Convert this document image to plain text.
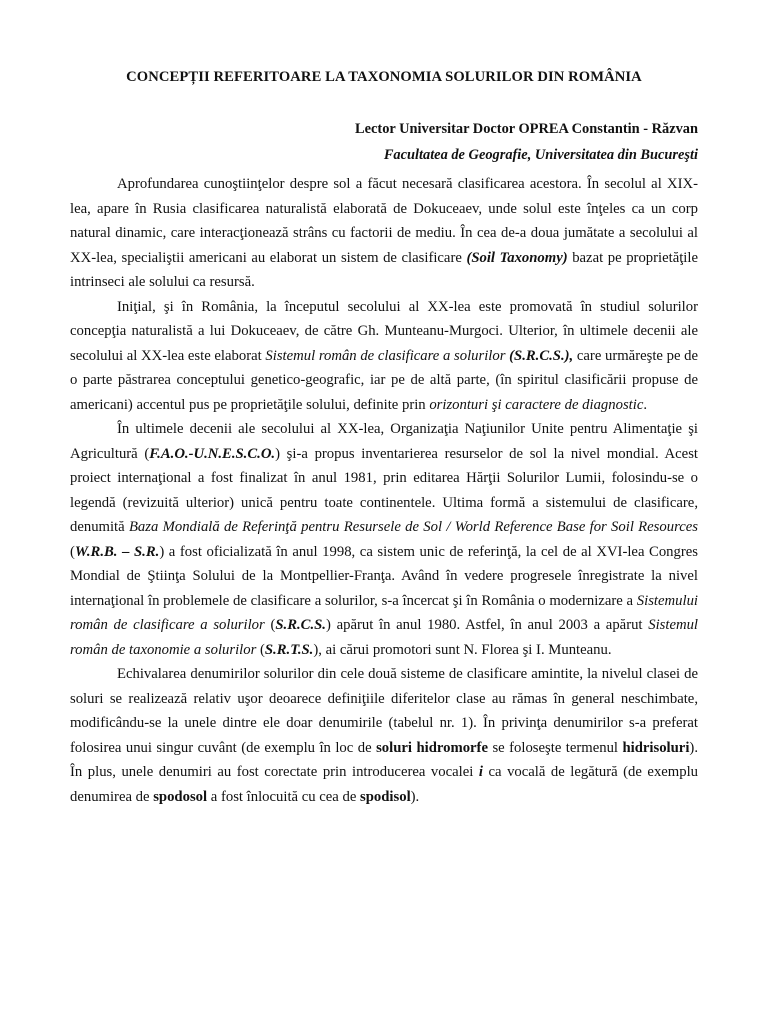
CONCEPȚII REFERITOARE LA TAXONOMIA SOLURILOR DIN ROMÂNIA
Lector Universitar Doctor OPREA Constantin - Răzvan
Facultatea de Geografie, Universitatea din Bucureşti

Aprofundarea cunoştiinţelor despre sol a făcut necesară clasificarea acestora. În secolul al XIX-lea, apare în Rusia clasificarea naturalistă elaborată de Dokuceaev, unde solul este înţeles ca un corp natural dinamic, care interacţionează strâns cu factorii de mediu. În cea de-a doua jumătate a secolului al XX-lea, specialiştii americani au elaborat un sistem de clasificare (Soil Taxonomy) bazat pe proprietăţile intrinseci ale solului ca resursă.

Iniţial, şi în România, la începutul secolului al XX-lea este promovată în studiul solurilor concepţia naturalistă a lui Dokuceaev, de către Gh. Munteanu-Murgoci. Ulterior, în ultimele decenii ale secolului al XX-lea este elaborat Sistemul român de clasificare a solurilor (S.R.C.S.), care urmăreşte pe de o parte păstrarea conceptului genetico-geografic, iar pe de altă parte, (în spiritul clasificării propuse de americani) accentul pus pe proprietăţile solului, definite prin orizonturi şi caractere de diagnostic.

În ultimele decenii ale secolului al XX-lea, Organizaţia Naţiunilor Unite pentru Alimentaţie şi Agricultură (F.A.O.-U.N.E.S.C.O.) şi-a propus inventarierea resurselor de sol la nivel mondial. Acest proiect internaţional a fost finalizat în anul 1981, prin editarea Hărţii Solurilor Lumii, folosindu-se o legendă (revizuită ulterior) unică pentru toate continentele. Ultima formă a sistemului de clasificare, denumită Baza Mondială de Referinţă pentru Resursele de Sol / World Reference Base for Soil Resources (W.R.B. – S.R.) a fost oficializată în anul 1998, ca sistem unic de referinţă, la cel de al XVI-lea Congres Mondial de Ştiinţa Solului de la Montpellier-Franţa. Având în vedere progresele înregistrate la nivel internaţional în problemele de clasificare a solurilor, s-a încercat şi în România o modernizare a Sistemului român de clasificare a solurilor (S.R.C.S.) apărut în anul 1980. Astfel, în anul 2003 a apărut Sistemul român de taxonomie a solurilor (S.R.T.S.), ai cărui promotori sunt N. Florea şi I. Munteanu.

Echivalarea denumirilor solurilor din cele două sisteme de clasificare amintite, la nivelul clasei de soluri se realizează relativ uşor deoarece definiţiile diferitelor clase au rămas în general neschimbate, modificându-se la unele dintre ele doar denumirile (tabelul nr. 1). În privinţa denumirilor s-a preferat folosirea unui singur cuvânt (de exemplu în loc de soluri hidromorfe se foloseşte termenul hidrisoluri). În plus, unele denumiri au fost corectate prin introducerea vocalei i ca vocală de legătură (de exemplu denumirea de spodosol a fost înlocuită cu cea de spodisol).
